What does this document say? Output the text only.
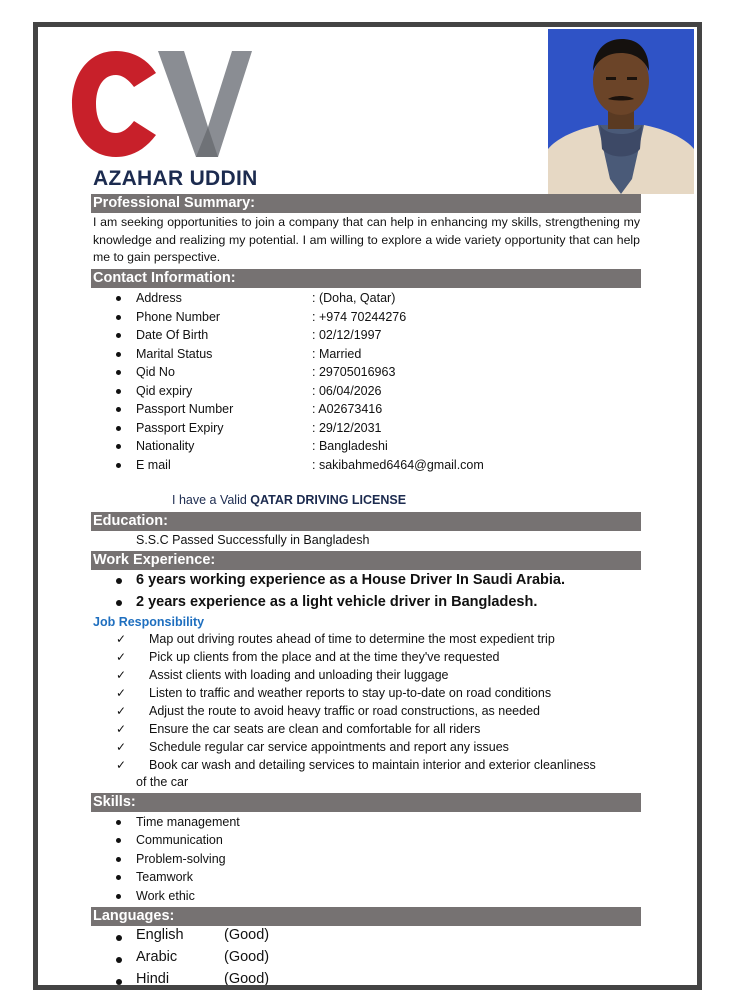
AZAHAR UDDIN
Professional Summary:
I am seeking opportunities to join a company that can help in enhancing my skills, strengthening my knowledge and realizing my potential. I am willing to explore a wide variety opportunity that can help me to gain perspective.
Contact Information:
Address	: (Doha, Qatar)
Phone Number	: +974 70244276
Date Of Birth	: 02/12/1997
Marital Status	: Married
Qid No	: 29705016963
Qid expiry	: 06/04/2026
Passport Number	: A02673416
Passport Expiry	: 29/12/2031
Nationality	: Bangladeshi
E mail	: sakibahmed6464@gmail.com
I have a Valid QATAR DRIVING LICENSE
Education:
S.S.C Passed Successfully in Bangladesh
Work Experience:
6 years working experience as a House Driver In Saudi Arabia.
2 years experience as a light vehicle driver in Bangladesh.
Job Responsibility
✓ Map out driving routes ahead of time to determine the most expedient trip
✓ Pick up clients from the place and at the time they've requested
✓ Assist clients with loading and unloading their luggage
✓ Listen to traffic and weather reports to stay up-to-date on road conditions
✓ Adjust the route to avoid heavy traffic or road constructions, as needed
✓ Ensure the car seats are clean and comfortable for all riders
✓ Schedule regular car service appointments and report any issues
✓ Book car wash and detailing services to maintain interior and exterior cleanliness
of the car
Skills:
Time management
Communication
Problem-solving
Teamwork
Work ethic
Languages:
English	(Good)
Arabic	(Good)
Hindi	(Good)
